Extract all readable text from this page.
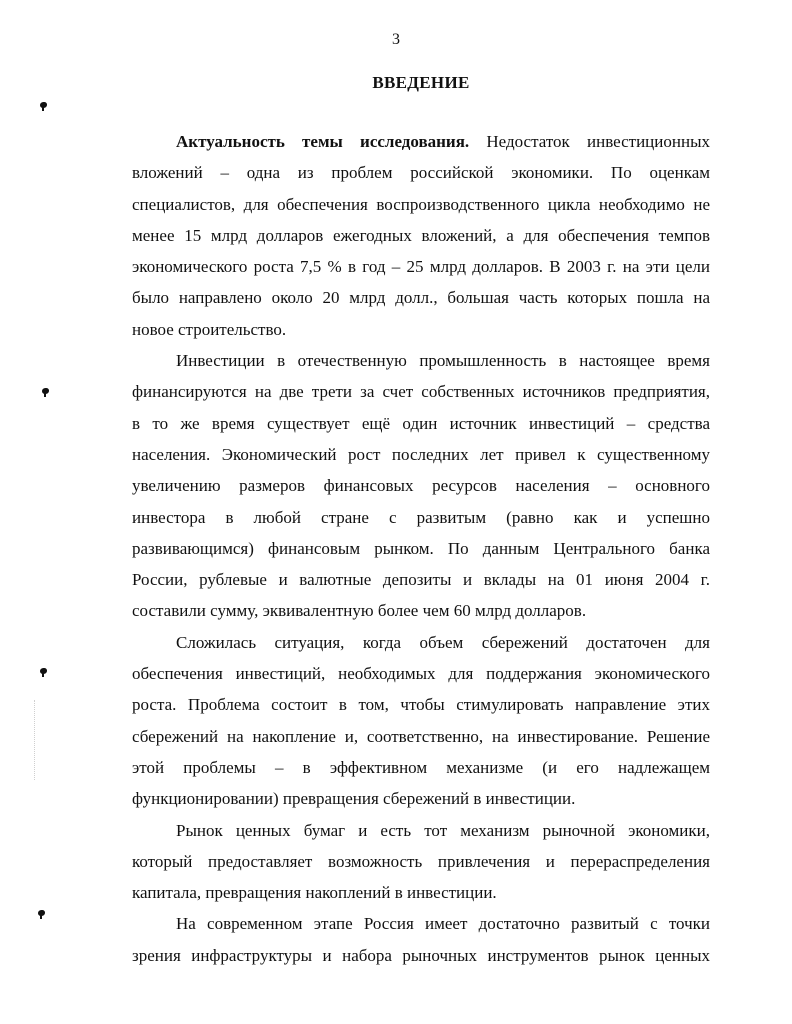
3
ВВЕДЕНИЕ
Актуальность темы исследования. Недостаток инвестиционных
вложений – одна из проблем российской экономики. По оценкам
специалистов, для обеспечения воспроизводственного цикла необходимо не
менее 15 млрд долларов ежегодных вложений, а для обеспечения темпов
экономического роста 7,5 % в год – 25 млрд долларов. В 2003 г. на эти цели
было направлено около 20 млрд долл., большая часть которых пошла на
новое строительство.
Инвестиции в отечественную промышленность в настоящее время
финансируются на две трети за счет собственных источников предприятия,
в то же время существует ещё один источник инвестиций – средства
населения. Экономический рост последних лет привел к существенному
увеличению размеров финансовых ресурсов населения – основного
инвестора в любой стране с развитым (равно как и успешно
развивающимся) финансовым рынком. По данным Центрального банка
России, рублевые и валютные депозиты и вклады на 01 июня 2004 г.
составили сумму, эквивалентную более чем 60 млрд долларов.
Сложилась ситуация, когда объем сбережений достаточен для
обеспечения инвестиций, необходимых для поддержания экономического
роста. Проблема состоит в том, чтобы стимулировать направление этих
сбережений на накопление и, соответственно, на инвестирование. Решение
этой проблемы – в эффективном механизме (и его надлежащем
функционировании) превращения сбережений в инвестиции.
Рынок ценных бумаг и есть тот механизм рыночной экономики,
который предоставляет возможность привлечения и перераспределения
капитала, превращения накоплений в инвестиции.
На современном этапе Россия имеет достаточно развитый с точки
зрения инфраструктуры и набора рыночных инструментов рынок ценных
